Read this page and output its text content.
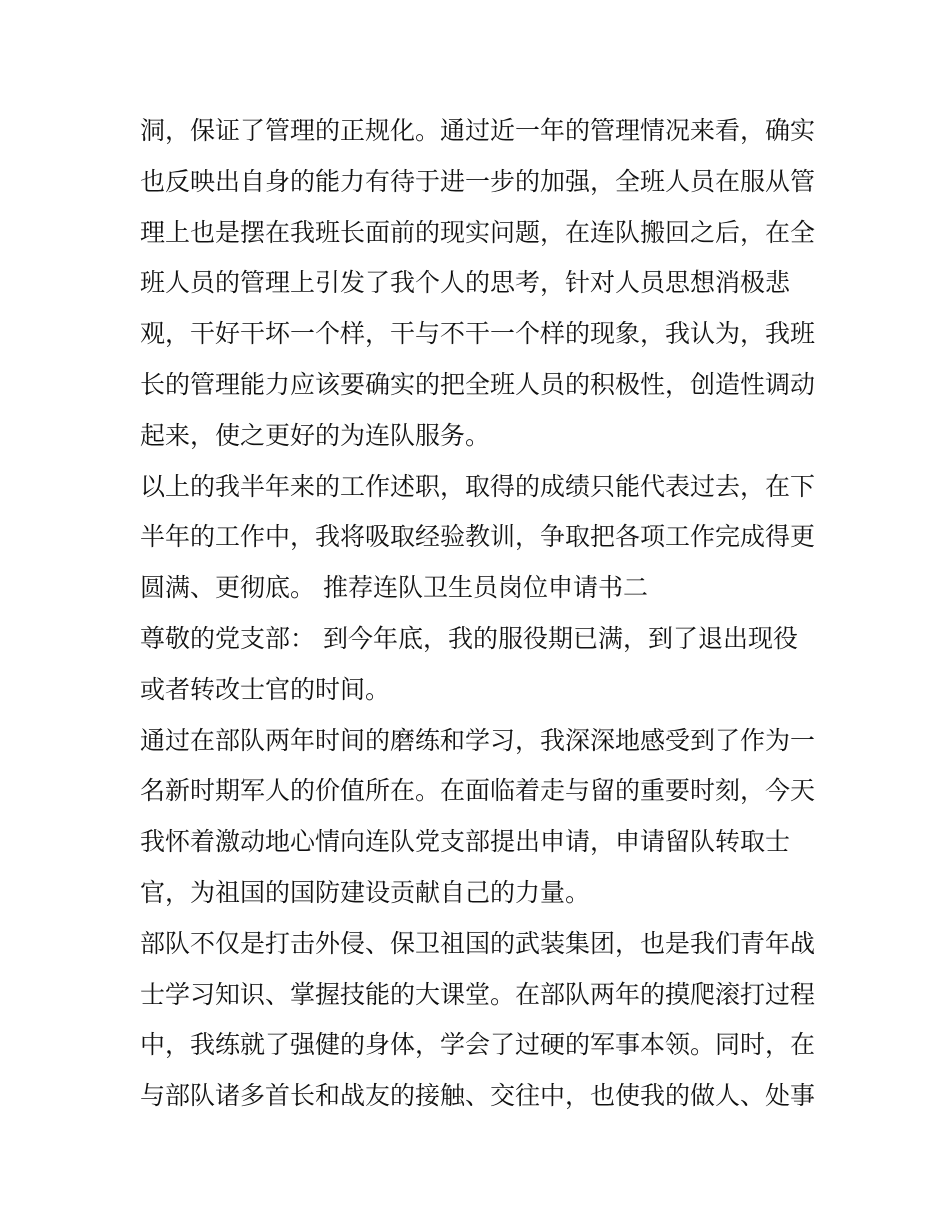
洞，保证了管理的正规化。通过近一年的管理情况来看，确实
也反映出自身的能力有待于进一步的加强，全班人员在服从管
理上也是摆在我班长面前的现实问题，在连队搬回之后，在全
班人员的管理上引发了我个人的思考，针对人员思想消极悲
观，干好干坏一个样，干与不干一个样的现象，我认为，我班
长的管理能力应该要确实的把全班人员的积极性，创造性调动
起来，使之更好的为连队服务。
以上的我半年来的工作述职，取得的成绩只能代表过去，在下
半年的工作中，我将吸取经验教训，争取把各项工作完成得更
圆满、更彻底。 推荐连队卫生员岗位申请书二
尊敬的党支部： 到今年底，我的服役期已满，到了退出现役
或者转改士官的时间。
通过在部队两年时间的磨练和学习，我深深地感受到了作为一
名新时期军人的价值所在。在面临着走与留的重要时刻，今天
我怀着激动地心情向连队党支部提出申请，申请留队转取士
官，为祖国的国防建设贡献自己的力量。
部队不仅是打击外侵、保卫祖国的武装集团，也是我们青年战
士学习知识、掌握技能的大课堂。在部队两年的摸爬滚打过程
中，我练就了强健的身体，学会了过硬的军事本领。同时，在
与部队诸多首长和战友的接触、交往中，也使我的做人、处事
